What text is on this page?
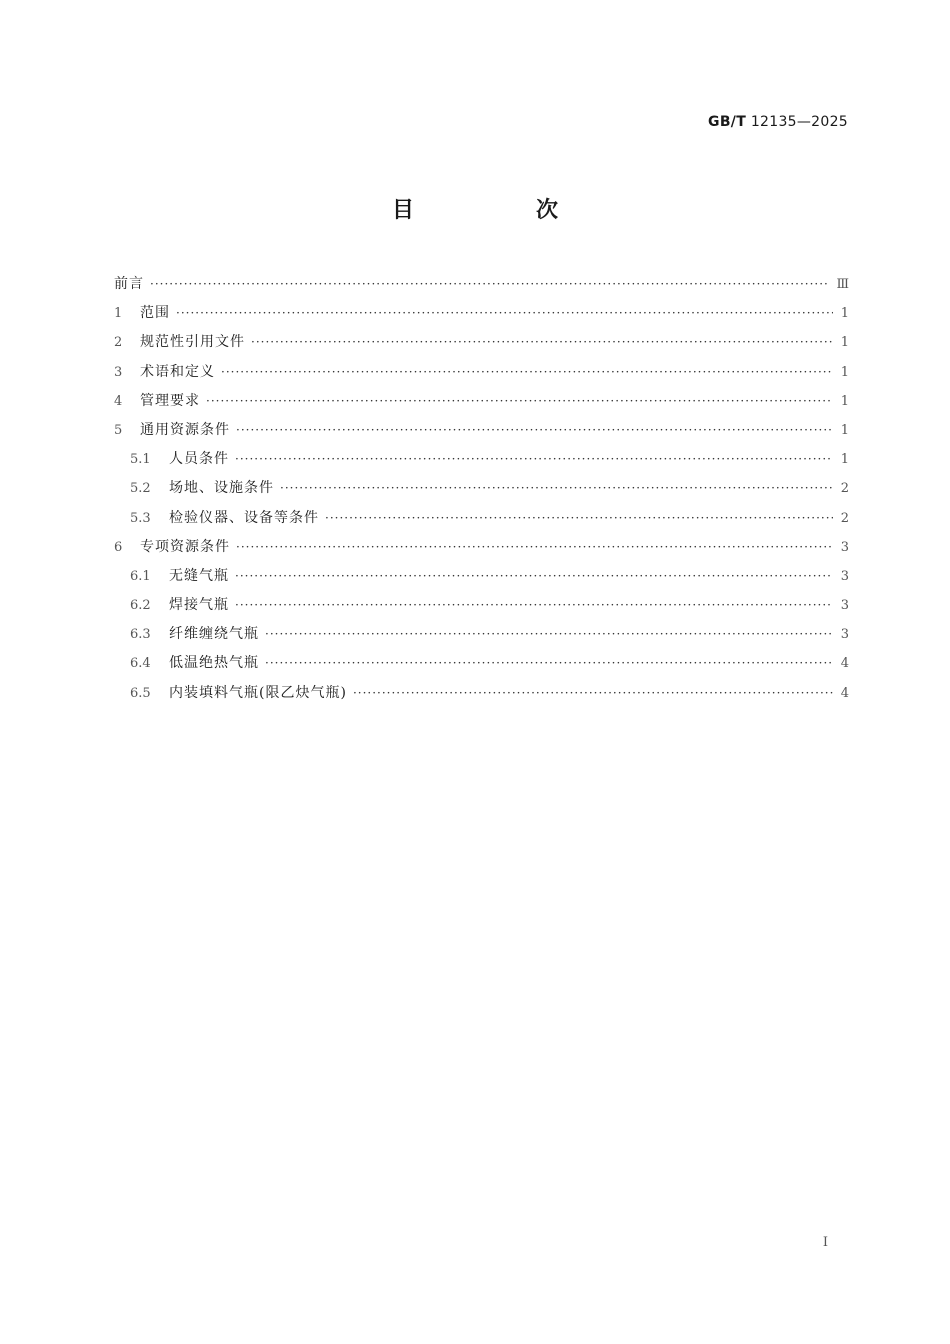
GB/T 12135—2025
目　次
前言 ·····	Ⅲ
1	范围 ·····	1
2	规范性引用文件 ·····	1
3	术语和定义 ·····	1
4	管理要求 ·····	1
5	通用资源条件 ·····	1
5.1	人员条件 ·····	1
5.2	场地、设施条件 ·····	2
5.3	检验仪器、设备等条件 ·····	2
6	专项资源条件 ·····	3
6.1	无缝气瓶 ·····	3
6.2	焊接气瓶 ·····	3
6.3	纤维缠绕气瓶 ·····	3
6.4	低温绝热气瓶 ·····	4
6.5	内装填料气瓶(限乙炔气瓶) ·····	4
I
